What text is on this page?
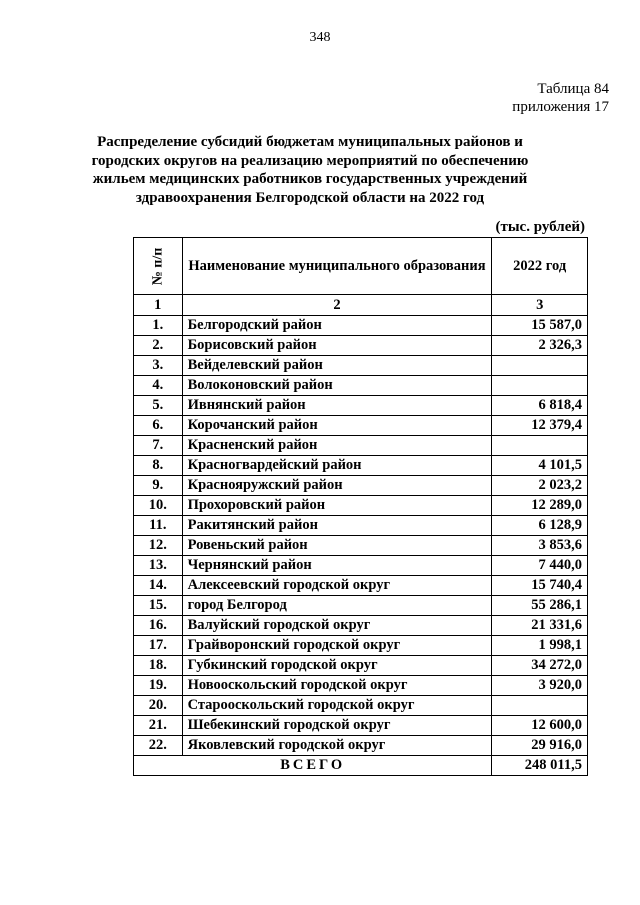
348
Таблица 84
приложения 17
Распределение субсидий бюджетам муниципальных районов и городских округов на реализацию мероприятий по обеспечению жильем медицинских работников государственных учреждений здравоохранения Белгородской области на 2022 год
(тыс. рублей)
№ п/п	Наименование муниципального образования	2022 год
1	2	3
1.	Белгородский район	15 587,0
2.	Борисовский район	2 326,3
3.	Вейделевский район	
4.	Волоконовский район	
5.	Ивнянский район	6 818,4
6.	Корочанский район	12 379,4
7.	Красненский район	
8.	Красногвардейский район	4 101,5
9.	Краснояружский район	2 023,2
10.	Прохоровский район	12 289,0
11.	Ракитянский район	6 128,9
12.	Ровеньский район	3 853,6
13.	Чернянский район	7 440,0
14.	Алексеевский городской округ	15 740,4
15.	город Белгород	55 286,1
16.	Валуйский городской округ	21 331,6
17.	Грайворонский городской округ	1 998,1
18.	Губкинский городской округ	34 272,0
19.	Новооскольский городской округ	3 920,0
20.	Старооскольский городской округ	
21.	Шебекинский городской округ	12 600,0
22.	Яковлевский городской округ	29 916,0
ВСЕГО		248 011,5
